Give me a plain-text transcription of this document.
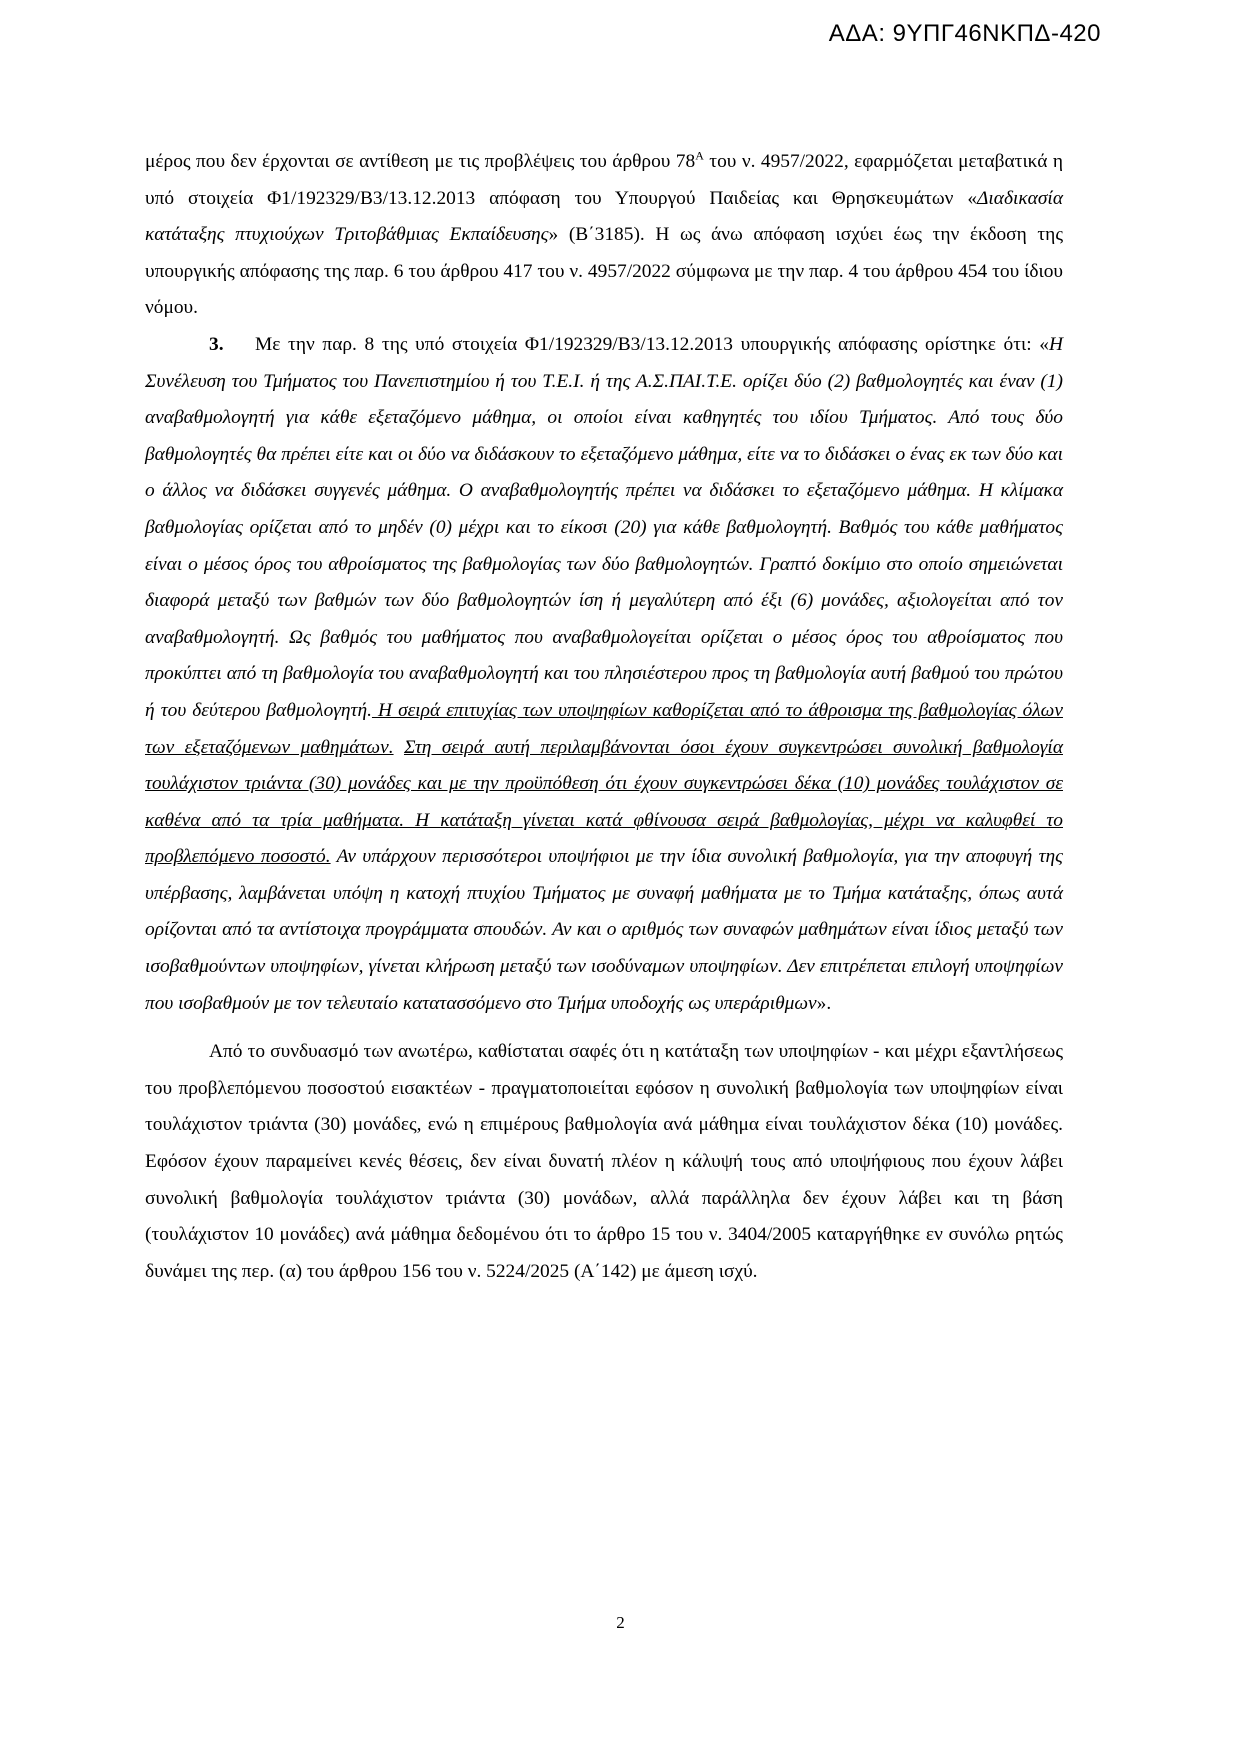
ΑΔΑ: 9ΥΠΓ46ΝΚΠΔ-420

μέρος που δεν έρχονται σε αντίθεση με τις προβλέψεις του άρθρου $78^A$ του ν. 4957/2022, εφαρμόζεται μεταβατικά η υπό στοιχεία Φ1/192329/Β3/13.12.2013 απόφαση του Υπουργού Παιδείας και Θρησκευμάτων «Διαδικασία κατάταξης πτυχιούχων Τριτοβάθμιας Εκπαίδευσης» (Β΄3185). Η ως άνω απόφαση ισχύει έως την έκδοση της υπουργικής απόφασης της παρ. 6 του άρθρου 417 του ν. 4957/2022 σύμφωνα με την παρ. 4 του άρθρου 454 του ίδιου νόμου.

3. Με την παρ. 8 της υπό στοιχεία Φ1/192329/Β3/13.12.2013 υπουργικής απόφασης ορίστηκε ότι: «Η Συνέλευση του Τμήματος του Πανεπιστημίου ή του Τ.Ε.Ι. ή της Α.Σ.ΠΑΙ.Τ.Ε. ορίζει δύο (2) βαθμολογητές και έναν (1) αναβαθμολογητή για κάθε εξεταζόμενο μάθημα, οι οποίοι είναι καθηγητές του ιδίου Τμήματος. Από τους δύο βαθμολογητές θα πρέπει είτε και οι δύο να διδάσκουν το εξεταζόμενο μάθημα, είτε να το διδάσκει ο ένας εκ των δύο και ο άλλος να διδάσκει συγγενές μάθημα. Ο αναβαθμολογητής πρέπει να διδάσκει το εξεταζόμενο μάθημα. Η κλίμακα βαθμολογίας ορίζεται από το μηδέν (0) μέχρι και το είκοσι (20) για κάθε βαθμολογητή. Βαθμός του κάθε μαθήματος είναι ο μέσος όρος του αθροίσματος της βαθμολογίας των δύο βαθμολογητών. Γραπτό δοκίμιο στο οποίο σημειώνεται διαφορά μεταξύ των βαθμών των δύο βαθμολογητών ίση ή μεγαλύτερη από έξι (6) μονάδες, αξιολογείται από τον αναβαθμολογητή. Ως βαθμός του μαθήματος που αναβαθμολογείται ορίζεται ο μέσος όρος του αθροίσματος που προκύπτει από τη βαθμολογία του αναβαθμολογητή και του πλησιέστερου προς τη βαθμολογία αυτή βαθμού του πρώτου ή του δεύτερου βαθμολογητή. Η σειρά επιτυχίας των υποψηφίων καθορίζεται από το άθροισμα της βαθμολογίας όλων των εξεταζόμενων μαθημάτων. Στη σειρά αυτή περιλαμβάνονται όσοι έχουν συγκεντρώσει συνολική βαθμολογία τουλάχιστον τριάντα (30) μονάδες και με την προϋπόθεση ότι έχουν συγκεντρώσει δέκα (10) μονάδες τουλάχιστον σε καθένα από τα τρία μαθήματα. Η κατάταξη γίνεται κατά φθίνουσα σειρά βαθμολογίας, μέχρι να καλυφθεί το προβλεπόμενο ποσοστό. Αν υπάρχουν περισσότεροι υποψήφιοι με την ίδια συνολική βαθμολογία, για την αποφυγή της υπέρβασης, λαμβάνεται υπόψη η κατοχή πτυχίου Τμήματος με συναφή μαθήματα με το Τμήμα κατάταξης, όπως αυτά ορίζονται από τα αντίστοιχα προγράμματα σπουδών. Αν και ο αριθμός των συναφών μαθημάτων είναι ίδιος μεταξύ των ισοβαθμούντων υποψηφίων, γίνεται κλήρωση μεταξύ των ισοδύναμων υποψηφίων. Δεν επιτρέπεται επιλογή υποψηφίων που ισοβαθμούν με τον τελευταίο κατατασσόμενο στο Τμήμα υποδοχής ως υπεράριθμων».

Από το συνδυασμό των ανωτέρω, καθίσταται σαφές ότι η κατάταξη των υποψηφίων - και μέχρι εξαντλήσεως του προβλεπόμενου ποσοστού εισακτέων - πραγματοποιείται εφόσον η συνολική βαθμολογία των υποψηφίων είναι τουλάχιστον τριάντα (30) μονάδες, ενώ η επιμέρους βαθμολογία ανά μάθημα είναι τουλάχιστον δέκα (10) μονάδες. Εφόσον έχουν παραμείνει κενές θέσεις, δεν είναι δυνατή πλέον η κάλυψή τους από υποψήφιους που έχουν λάβει συνολική βαθμολογία τουλάχιστον τριάντα (30) μονάδων, αλλά παράλληλα δεν έχουν λάβει και τη βάση (τουλάχιστον 10 μονάδες) ανά μάθημα δεδομένου ότι το άρθρο 15 του ν. 3404/2005 καταργήθηκε εν συνόλω ρητώς δυνάμει της περ. (α) του άρθρου 156 του ν. 5224/2025 (Α΄142) με άμεση ισχύ.

2
